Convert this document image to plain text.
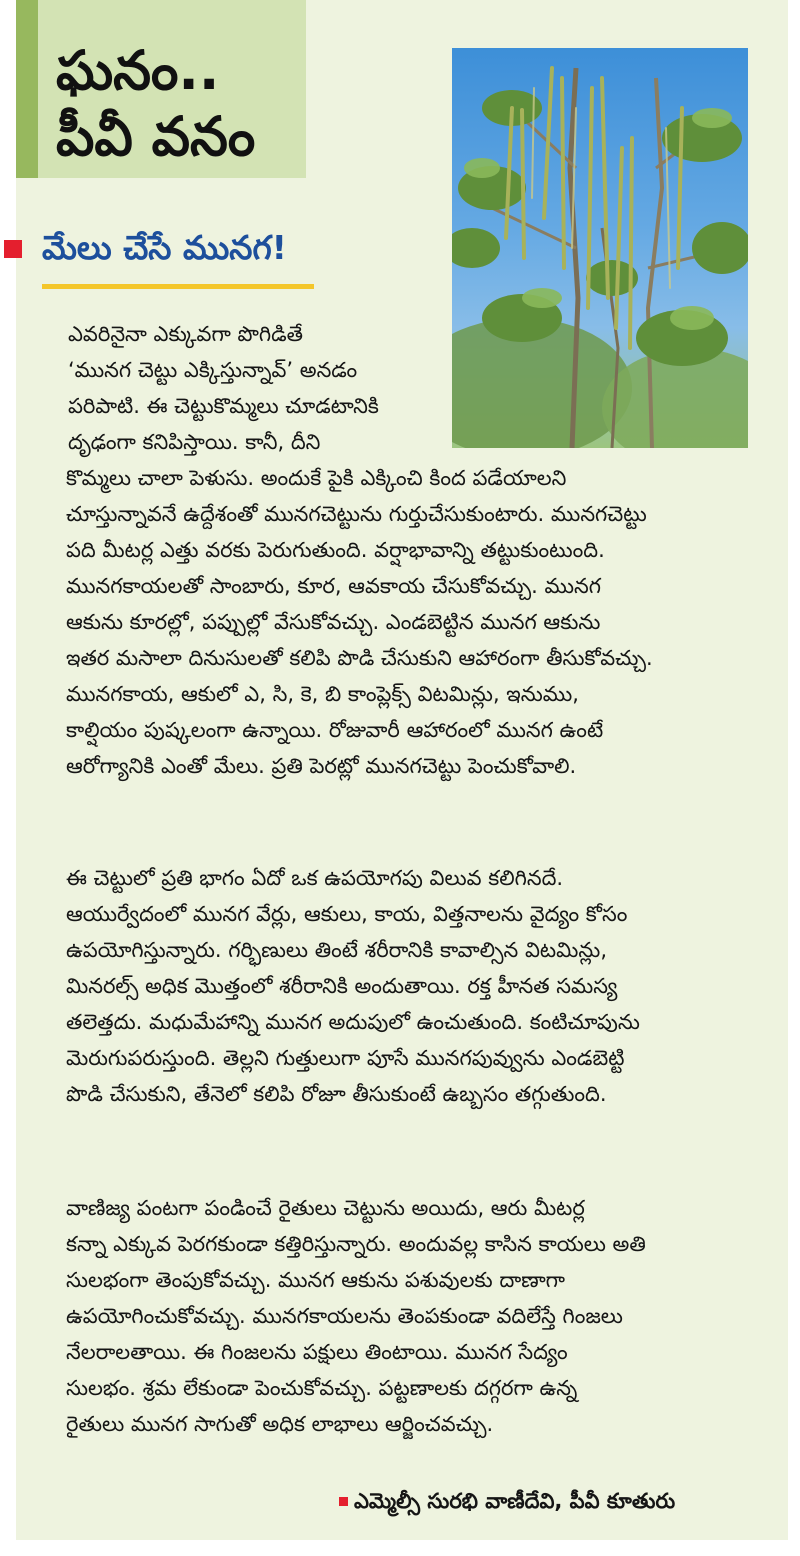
ఘనం..
పీవీ వనం
మేలు చేసే మునగ!

ఎవరినైనా ఎక్కువగా పొగిడితే
‘మునగ చెట్టు ఎక్కిస్తున్నావ్’ అనడం
పరిపాటి. ఈ చెట్టుకొమ్మలు చూడటానికి
దృఢంగా కనిపిస్తాయి. కానీ, దీని

కొమ్మలు చాలా పెళుసు. అందుకే పైకి ఎక్కించి కింద పడేయాలని
చూస్తున్నావనే ఉద్దేశంతో మునగచెట్టును గుర్తుచేసుకుంటారు. మునగచెట్టు
పది మీటర్ల ఎత్తు వరకు పెరుగుతుంది. వర్షాభావాన్ని తట్టుకుంటుంది.
మునగకాయలతో సాంబారు, కూర, ఆవకాయ చేసుకోవచ్చు. మునగ
ఆకును కూరల్లో, పప్పుల్లో వేసుకోవచ్చు. ఎండబెట్టిన మునగ ఆకును
ఇతర మసాలా దినుసులతో కలిపి పొడి చేసుకుని ఆహారంగా తీసుకోవచ్చు.
మునగకాయ, ఆకులో ఎ, సి, కె, బి కాంప్లెక్స్ విటమిన్లు, ఇనుము,
కాల్షియం పుష్కలంగా ఉన్నాయి. రోజువారీ ఆహారంలో మునగ ఉంటే
ఆరోగ్యానికి ఎంతో మేలు. ప్రతి పెరట్లో మునగచెట్టు పెంచుకోవాలి.

ఈ చెట్టులో ప్రతి భాగం ఏదో ఒక ఉపయోగపు విలువ కలిగినదే.
ఆయుర్వేదంలో మునగ వేర్లు, ఆకులు, కాయ, విత్తనాలను వైద్యం కోసం
ఉపయోగిస్తున్నారు. గర్భిణులు తింటే శరీరానికి కావాల్సిన విటమిన్లు,
మినరల్స్ అధిక మొత్తంలో శరీరానికి అందుతాయి. రక్త హీనత సమస్య
తలెత్తదు. మధుమేహాన్ని మునగ అదుపులో ఉంచుతుంది. కంటిచూపును
మెరుగుపరుస్తుంది. తెల్లని గుత్తులుగా పూసే మునగపువ్వును ఎండబెట్టి
పొడి చేసుకుని, తేనెలో కలిపి రోజూ తీసుకుంటే ఉబ్బసం తగ్గుతుంది.

వాణిజ్య పంటగా పండించే రైతులు చెట్టును అయిదు, ఆరు మీటర్ల
కన్నా ఎక్కువ పెరగకుండా కత్తిరిస్తున్నారు. అందువల్ల కాసిన కాయలు అతి
సులభంగా తెంపుకోవచ్చు. మునగ ఆకును పశువులకు దాణాగా
ఉపయోగించుకోవచ్చు. మునగకాయలను తెంపకుండా వదిలేస్తే గింజలు
నేలరాలతాయి. ఈ గింజలను పక్షులు తింటాయి. మునగ సేద్యం
సులభం. శ్రమ లేకుండా పెంచుకోవచ్చు. పట్టణాలకు దగ్గరగా ఉన్న
రైతులు మునగ సాగుతో అధిక లాభాలు ఆర్జించవచ్చు.

ఎమ్మెల్సీ సురభి వాణీదేవి, పీవీ కూతురు
